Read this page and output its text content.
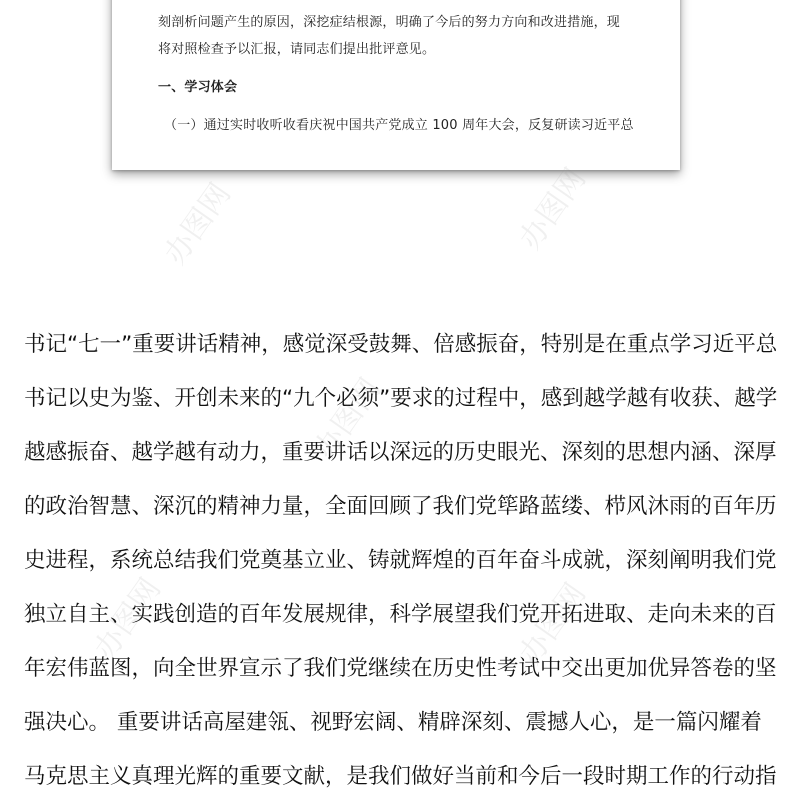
刻剖析问题产生的原因，深挖症结根源，明确了今后的努力方向和改进措施，现
将对照检查予以汇报，请同志们提出批评意见。
一、学习体会
（一）通过实时收听收看庆祝中国共产党成立 100 周年大会，反复研读习近平总
书记“七一”重要讲话精神，感觉深受鼓舞、倍感振奋，特别是在重点学习近平总
书记以史为鉴、开创未来的“九个必须”要求的过程中，感到越学越有收获、越学
越感振奋、越学越有动力，重要讲话以深远的历史眼光、深刻的思想内涵、深厚
的政治智慧、深沉的精神力量，全面回顾了我们党筚路蓝缕、栉风沐雨的百年历
史进程，系统总结我们党奠基立业、铸就辉煌的百年奋斗成就，深刻阐明我们党
独立自主、实践创造的百年发展规律，科学展望我们党开拓进取、走向未来的百
年宏伟蓝图，向全世界宣示了我们党继续在历史性考试中交出更加优异答卷的坚
强决心。 重要讲话高屋建瓴、视野宏阔、精辟深刻、震撼人心，是一篇闪耀着
马克思主义真理光辉的重要文献，是我们做好当前和今后一段时期工作的行动指
办图网	办图网
办图网
办图网	办图网
